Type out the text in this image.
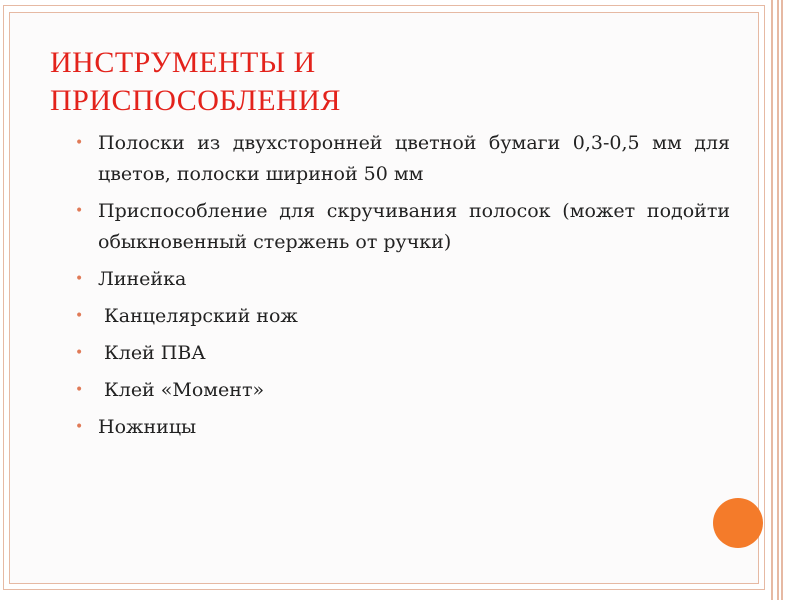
ИНСТРУМЕНТЫ И
ПРИСПОСОБЛЕНИЯ
• Полоски из двухсторонней цветной бумаги 0,3-0,5 мм для цветов, полоски шириной 50 мм
• Приспособление для скручивания полосок (может подойти обыкновенный стержень от ручки)
• Линейка
• Канцелярский нож
• Клей ПВА
• Клей «Момент»
• Ножницы
